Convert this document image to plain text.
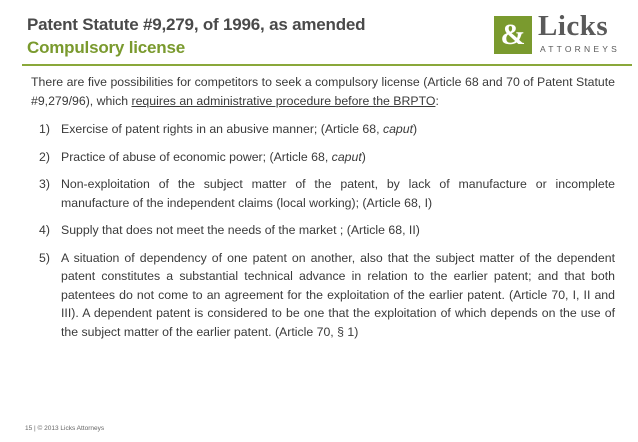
Patent Statute #9,279, of 1996, as amended
Compulsory license	& Licks
ATTORNEYS
There are five possibilities for competitors to seek a compulsory license (Article 68 and 70 of Patent Statute #9,279/96), which requires an administrative procedure before the BRPTO:
1) Exercise of patent rights in an abusive manner; (Article 68, caput)
2) Practice of abuse of economic power; (Article 68, caput)
3) Non-exploitation of the subject matter of the patent, by lack of manufacture or incomplete manufacture of the independent claims (local working); (Article 68, I)
4) Supply that does not meet the needs of the market ; (Article 68, II)
5) A situation of dependency of one patent on another, also that the subject matter of the dependent patent constitutes a substantial technical advance in relation to the earlier patent; and that both patentees do not come to an agreement for the exploitation of the earlier patent. (Article 70, I, II and III). A dependent patent is considered to be one that the exploitation of which depends on the use of the subject matter of the earlier patent. (Article 70, § 1)
15 | © 2013 Licks Attorneys
